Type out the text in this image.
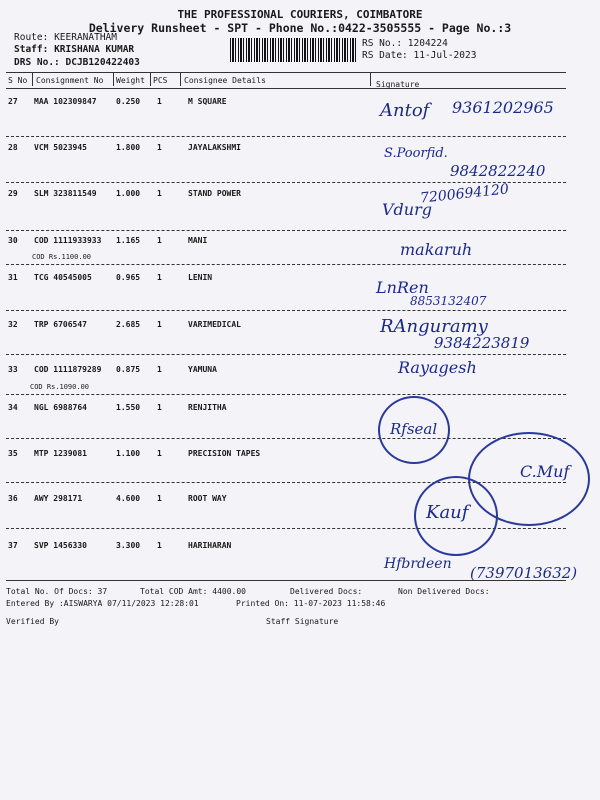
THE PROFESSIONAL COURIERS, COIMBATORE
Delivery Runsheet - SPT - Phone No.:0422-3505555 - Page No.:3
Route: KEERANATHAM
Staff: KRISHANA KUMAR
DRS No.: DCJB120422403
RS No.: 1204224
RS Date: 11-Jul-2023
S No Consignment No Weight PCS Consignee Details	Signature
27 MAA 102309847 0.250 1	M SQUARE	Antof 9361202965
28 VCM 5023945	1.800 1	JAYALAKSHMI	S.Poorfid.
9842822240
29 SLM 323811549 1.000 1	STAND POWER
Vdurg
7200694120
30 COD 1111933933 1.165 1	MANI
COD Rs.1100.00	makaruh
31 TCG 40545005	0.965 1	LENIN
LnRen
8853132407
32 TRP 6706547	2.685 1	VARIMEDICAL	RAnguramy
9384223819
33 COD 1111879289 0.875 1	YAMUNA
COD Rs.1090.00
Rayagesh
34 NGL 6988764	1.550 1	RENJITHA
Rfseal
35 MTP 1239081	1.100 1	PRECISION TAPES
C.Muf
36 AWY 298171	4.600 1	ROOT WAY
Kauf
37 SVP 1456330	3.300 1	HARIHARAN
Hfbrdeen (7397013632)
Total No. Of Docs: 37	Total COD Amt: 4400.00	Delivered Docs:	Non Delivered Docs:
Entered By :AISWARYA 07/11/2023 12:28:01	Printed On: 11-07-2023 11:58:46
Verified By	Staff Signature
